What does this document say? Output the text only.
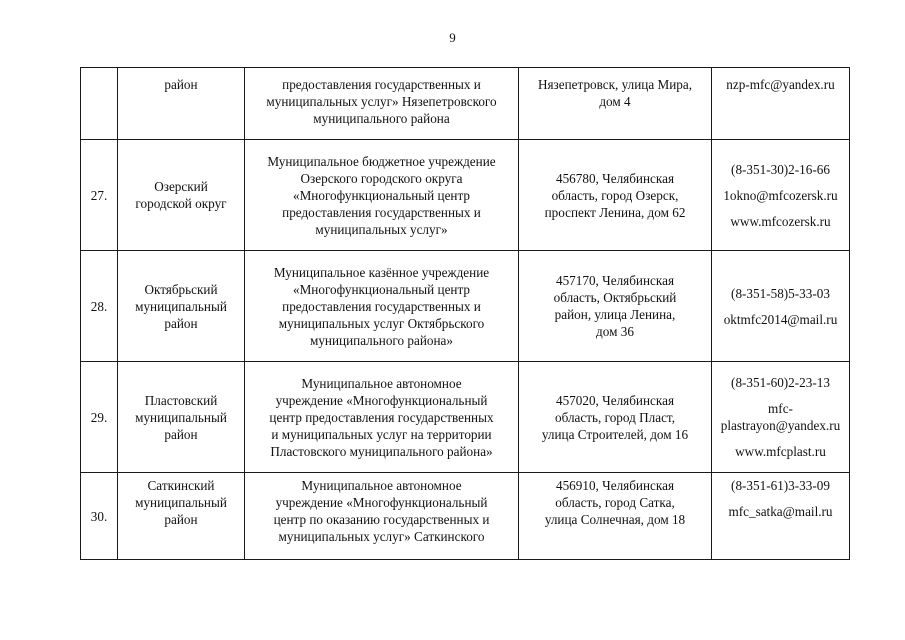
9

	район	предоставления государственных и
муниципальных услуг» Нязепетровского
муниципального района	Нязепетровск, улица Мира,
дом 4	nzp-mfc@yandex.ru

27.	Озерский
городской округ	Муниципальное бюджетное учреждение
Озерского городского округа
«Многофункциональный центр
предоставления государственных и
муниципальных услуг»	456780, Челябинская
область, город Озерск,
проспект Ленина, дом 62	(8-351-30)2-16-66
1okno@mfcozersk.ru
www.mfcozersk.ru

28.	Октябрьский
муниципальный
район	Муниципальное казённое учреждение
«Многофункциональный центр
предоставления государственных и
муниципальных услуг Октябрьского
муниципального района»	457170, Челябинская
область, Октябрьский
район, улица Ленина,
дом 36	(8-351-58)5-33-03
oktmfc2014@mail.ru

29.	Пластовский
муниципальный
район	Муниципальное автономное
учреждение «Многофункциональный
центр предоставления государственных
и муниципальных услуг на территории
Пластовского муниципального района»	457020, Челябинская
область, город Пласт,
улица Строителей, дом 16	(8-351-60)2-23-13
mfc-
plastrayon@yandex.ru
www.mfcplast.ru

30.	Саткинский
муниципальный
район	Муниципальное автономное
учреждение «Многофункциональный
центр по оказанию государственных и
муниципальных услуг» Саткинского	456910, Челябинская
область, город Сатка,
улица Солнечная, дом 18	(8-351-61)3-33-09
mfc_satka@mail.ru
